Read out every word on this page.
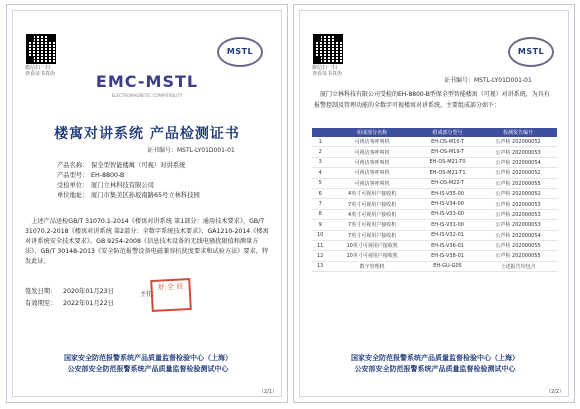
微信扫一扫
查看证书真伪
MSTL
EMC-MSTL
ELECTROMAGNETIC COMPATIBILITY
楼寓对讲系统 产品检测证书
证书编号：MSTL-LY01D001-01
产品名称： 保全型智能楼寓（可视）对讲系统
产品型号： EH-8800-B
受检单位： 厦门立林科技有限公司
单位地址： 厦门市集美区孙坂南路65号立林科技园
上述产品送检GB/T 31070.1-2014《楼寓对讲系统 第1部分：通用技术要求》、GB/T 31070.2-2018《楼寓对讲系统 第2部分：全数字系统技术要求》、GA1210-2014《楼寓对讲系统安全技术要求》、GB 9254-2008《信息技术设备的无线电骚扰限值和测量方法》、GB/T 30148-2013《安全防范报警设备电磁兼容抗扰度要求和试验方法》要求，特发此证。
签发日期：	2020年01月23日
有效期至：	2022年01月22日
主任：
舒 全 辰
国家安全防范报警系统产品质量监督检验中心（上海）
公安部安全防范报警系统产品质量监督检验测试中心
（2/1）
微信扫一扫
查看证书真伪
MSTL
证书编号：MSTL-LY01D001-01
厦门立林科技有限公司受检的EH-8800-B型保全型智能楼寓（可视）对讲系统，为具有报警控制及管理功能的全数字可视楼寓对讲系统，主要组成部分如下：
	组成部分名称	组成部分型号	检测报告编号
1	可视访客呼叫机	EH-OS-M10-T	公声检 202000052
2	可视访客呼叫机	EH-OS-M19-T	公声检 202000053
3	可视访客呼叫机	EH-OS-M21-T0	公声检 202000054
4	可视访客呼叫机	EH-OS-M21-T1	公声检 202000052
5	可视访客呼叫机	EH-OS-M22-T	公声检 202000055
6	4英寸可视用户接收机	EH-IS-V35-00	公声检 202000052
7	7英寸可视用户接收机	EH-IS-V34-00	公声检 202000053
8	4英寸可视用户接收机	EH-IS-V33-00	公声检 202000053
9	7英寸可视用户接收机	EH-IS-V31-00	公声检 202000053
10	7英寸可视用户接收机	EH-IS-V32-01	公声检 202000054
11	10英寸可视用户接收机	EH-IS-V36-01	公声检 202000055
12	10英寸可视用户接收机	EH-IS-V38-01	公声检 202000055
13	数字管理机	EH-GU-G05	上述报告均包含
国家安全防范报警系统产品质量监督检验中心（上海）
公安部安全防范报警系统产品质量监督检验测试中心
（2/2）
